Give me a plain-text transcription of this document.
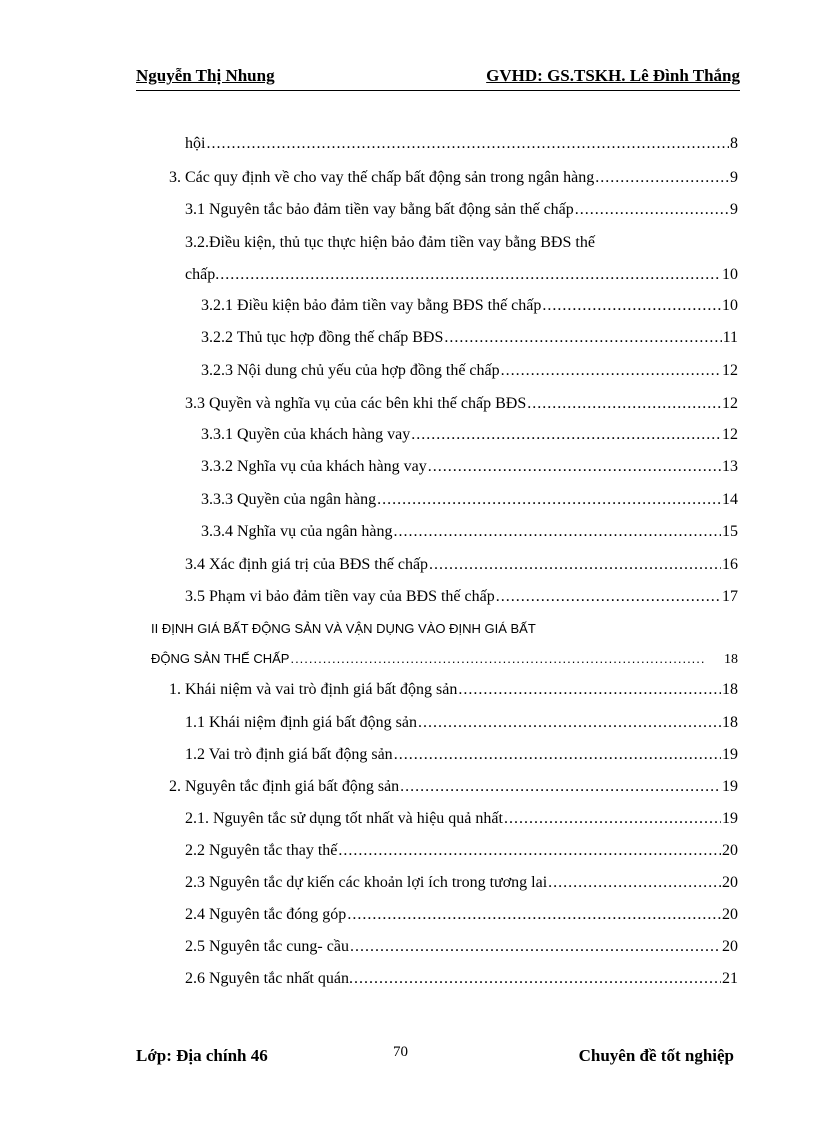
Nguyễn Thị Nhung	GVHD: GS.TSKH. Lê Đình Thắng
hội .....	8
3. Các quy định về cho vay thế chấp bất động sản trong ngân hàng .....	9
3.1 Nguyên tắc bảo đảm tiền vay bằng bất động sản thế chấp .....	9
3.2.Điều kiện, thủ tục thực hiện bảo đảm tiền vay bằng BĐS thế
chấp. .....	10
3.2.1 Điều kiện bảo đảm tiền vay bằng BĐS thế chấp .....	10
3.2.2 Thủ tục hợp đồng thế chấp BĐS .....	11
3.2.3 Nội dung chủ yếu của hợp đồng thế chấp .....	12
3.3 Quyền và nghĩa vụ của các bên khi thế chấp BĐS .....	12
3.3.1 Quyền của khách hàng vay .....	12
3.3.2 Nghĩa vụ của khách hàng vay .....	13
3.3.3 Quyền của ngân hàng .....	14
3.3.4 Nghĩa vụ của ngân hàng .....	15
3.4 Xác định giá trị của BĐS thế chấp .....	16
3.5 Phạm vi bảo đảm tiền vay của BĐS thế chấp .....	17
II ĐỊNH GIÁ BẤT ĐỘNG SẢN VÀ VẬN DỤNG VÀO ĐỊNH GIÁ BẤT
ĐỘNG SẢN THẾ CHẤP .....	18
1. Khái niệm và vai trò định giá bất động sản .....	18
1.1 Khái niệm định giá bất động sản .....	18
1.2 Vai trò định giá bất động sản .....	19
2. Nguyên tắc định giá bất động sản .....	19
2.1. Nguyên tắc sử dụng tốt nhất và hiệu quả nhất .....	19
2.2 Nguyên tắc thay thế .....	20
2.3 Nguyên tắc dự kiến các khoản lợi ích trong tương lai .....	20
2.4 Nguyên tắc đóng góp .....	20
2.5 Nguyên tắc cung- cầu .....	20
2.6 Nguyên tắc nhất quán. .....	21
Lớp: Địa chính 46	70	Chuyên đề tốt nghiệp
